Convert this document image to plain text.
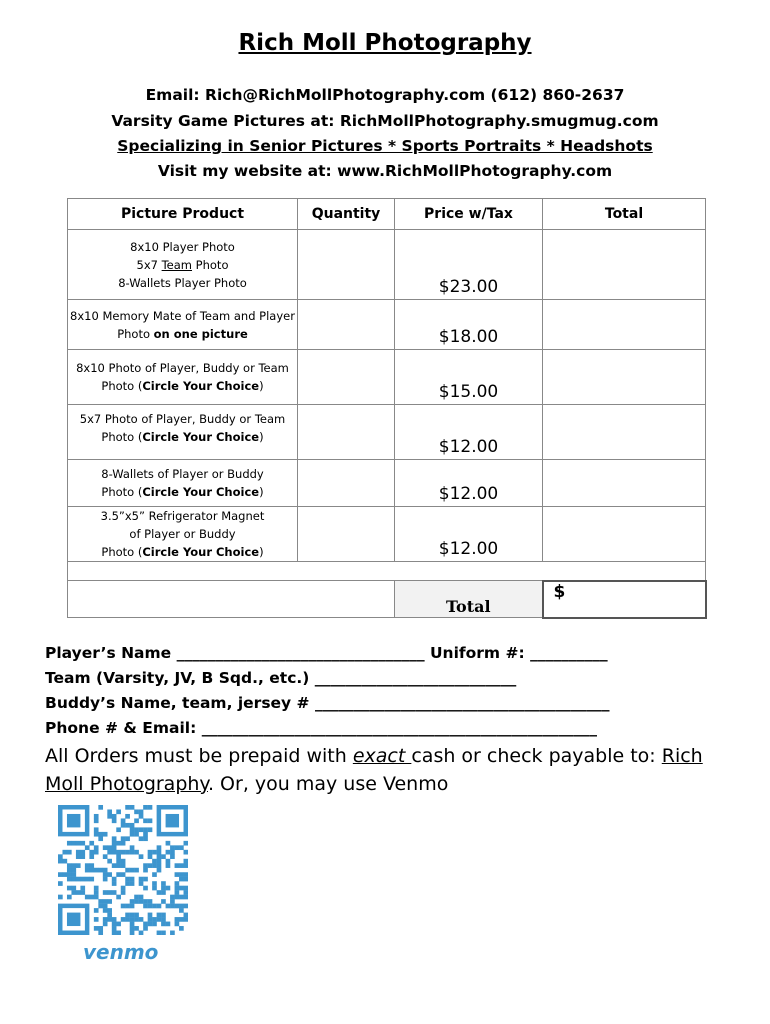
Rich Moll Photography
Email: Rich@RichMollPhotography.com (612) 860-2637
Varsity Game Pictures at: RichMollPhotography.smugmug.com
Specializing in Senior Pictures * Sports Portraits * Headshots
Visit my website at: www.RichMollPhotography.com
Picture Product	Quantity	Price w/Tax	Total

8x10 Player Photo
5x7 Team Photo
8-Wallets Player Photo		$23.00	

8x10 Memory Mate of Team and Player
Photo on one picture		$18.00	

8x10 Photo of Player, Buddy or Team
Photo (Circle Your Choice)		$15.00	

5x7 Photo of Player, Buddy or Team
Photo (Circle Your Choice)		$12.00	

8-Wallets of Player or Buddy
Photo (Circle Your Choice)		$12.00	

3.5”x5” Refrigerator Magnet
of Player or Buddy
Photo (Circle Your Choice)		$12.00	

		Total	$
Player’s Name ________________________________ Uniform #: __________
Team (Varsity, JV, B Sqd., etc.) __________________________
Buddy’s Name, team, jersey # ______________________________________
Phone # & Email: ___________________________________________________
All Orders must be prepaid with exact cash or check payable to: Rich Moll Photography. Or, you may use Venmo
venmo
